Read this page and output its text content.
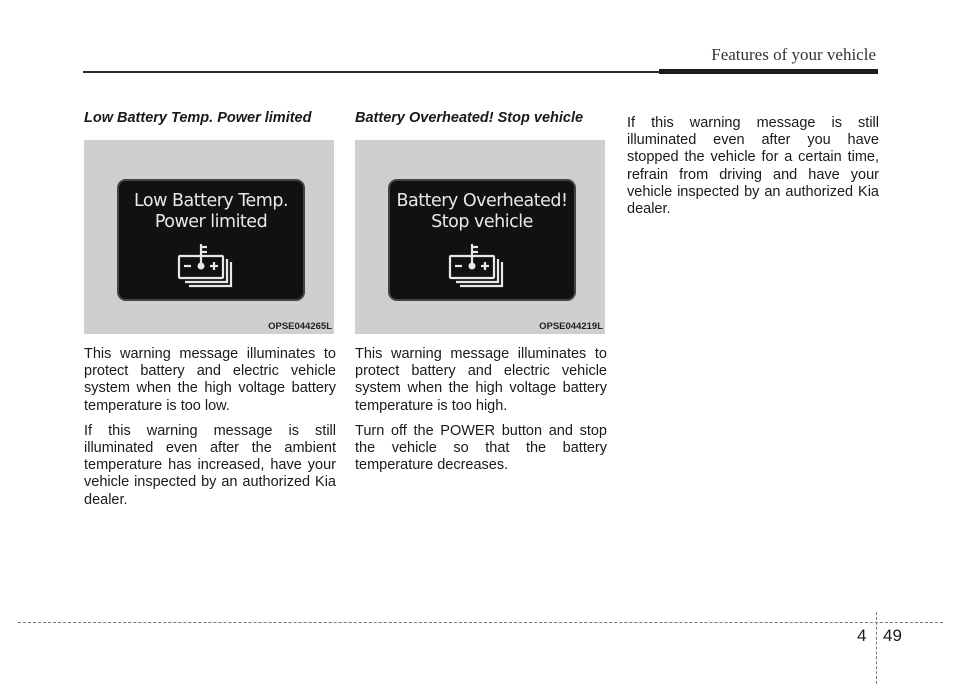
Features of your vehicle
Low Battery Temp. Power limited
Low Battery Temp.
Power limited
OPSE044265L

This warning message illuminates to protect battery and electric vehicle system when the high voltage battery temperature is too low.

If this warning message is still illuminated even after the ambient temperature has increased, have your vehicle inspected by an authorized Kia dealer.

Battery Overheated! Stop vehicle
Battery Overheated!
Stop vehicle
OPSE044219L

This warning message illuminates to protect battery and electric vehicle system when the high voltage battery temperature is too high.

Turn off the POWER button and stop the vehicle so that the battery temperature decreases.

If this warning message is still illuminated even after you have stopped the vehicle for a certain time, refrain from driving and have your vehicle inspected by an authorized Kia dealer.

4 49
